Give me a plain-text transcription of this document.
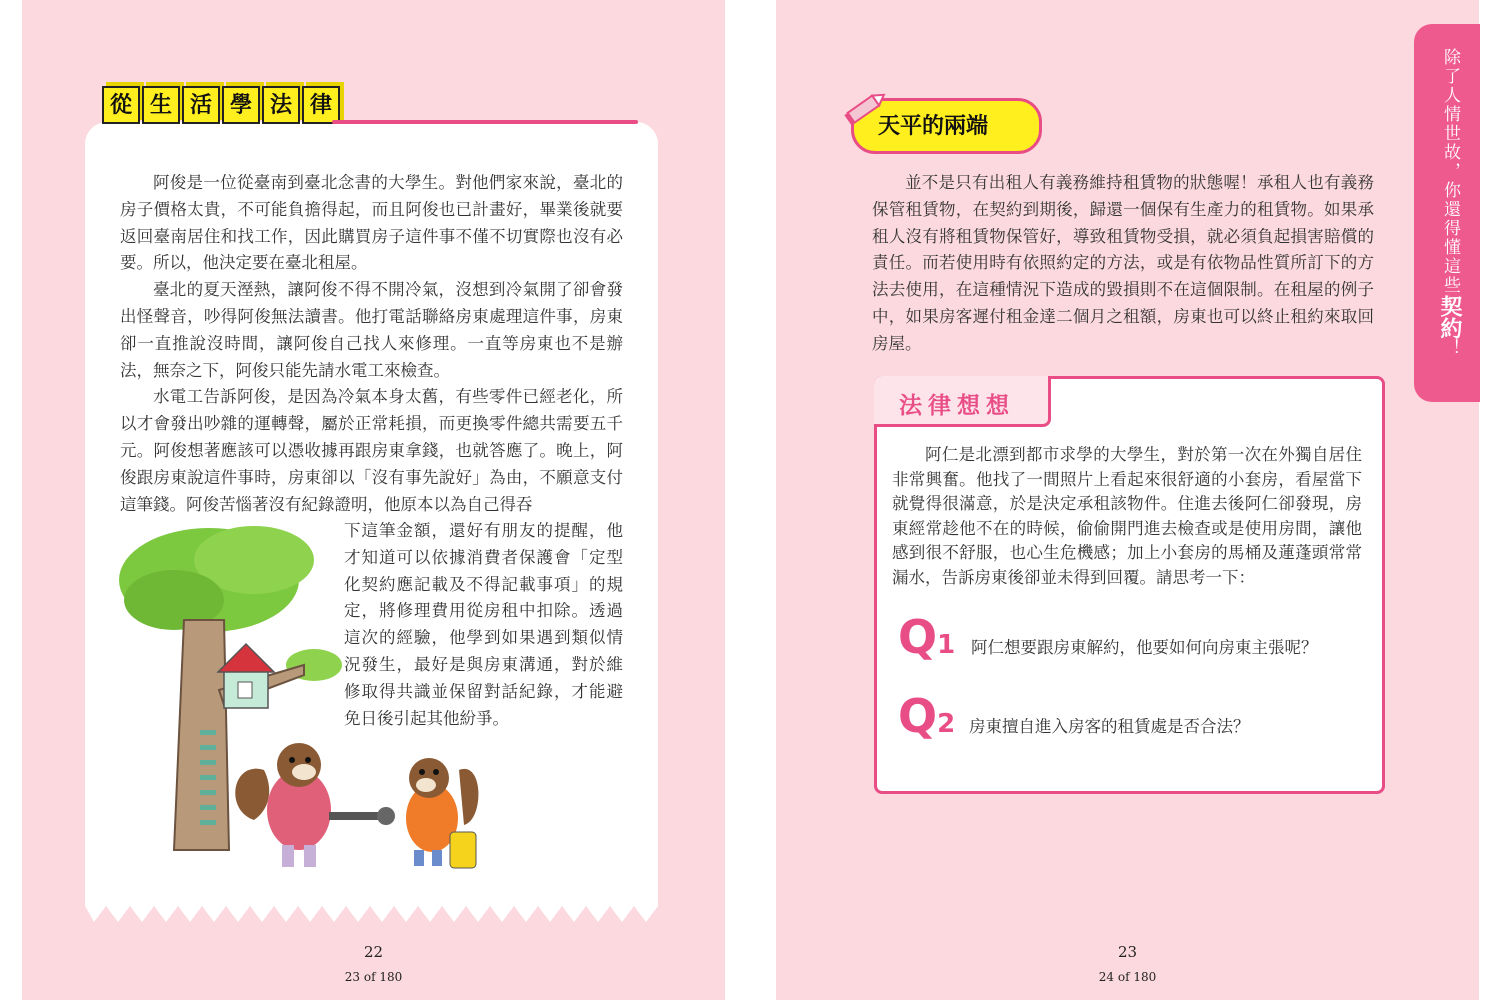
從 生 活 學 法 律

阿俊是一位從臺南到臺北念書的大學生。對他們家來說，臺北的房子價格太貴，不可能負擔得起，而且阿俊也已計畫好，畢業後就要返回臺南居住和找工作，因此購買房子這件事不僅不切實際也沒有必要。所以，他決定要在臺北租屋。

臺北的夏天溼熱，讓阿俊不得不開冷氣，沒想到冷氣開了卻會發出怪聲音，吵得阿俊無法讀書。他打電話聯絡房東處理這件事，房東卻一直推說沒時間，讓阿俊自己找人來修理。一直等房東也不是辦法，無奈之下，阿俊只能先請水電工來檢查。

水電工告訴阿俊，是因為冷氣本身太舊，有些零件已經老化，所以才會發出吵雜的運轉聲，屬於正常耗損，而更換零件總共需要五千元。阿俊想著應該可以憑收據再跟房東拿錢，也就答應了。晚上，阿俊跟房東說這件事時，房東卻以「沒有事先說好」為由，不願意支付這筆錢。阿俊苦惱著沒有紀錄證明，他原本以為自己得吞

下這筆金額，還好有朋友的提醒，他才知道可以依據消費者保護會「定型化契約應記載及不得記載事項」的規定，將修理費用從房租中扣除。透過這次的經驗，他學到如果遇到類似情況發生，最好是與房東溝通，對於維修取得共識並保留對話紀錄，才能避免日後引起其他紛爭。
22
23 of 180
天平的兩端

並不是只有出租人有義務維持租賃物的狀態喔！承租人也有義務保管租賃物，在契約到期後，歸還一個保有生產力的租賃物。如果承租人沒有將租賃物保管好，導致租賃物受損，就必須負起損害賠償的責任。而若使用時有依照約定的方法，或是有依物品性質所訂下的方法去使用，在這種情況下造成的毀損則不在這個限制。在租屋的例子中，如果房客遲付租金達二個月之租額，房東也可以終止租約來取回房屋。

法律想想

阿仁是北漂到都市求學的大學生，對於第一次在外獨自居住非常興奮。他找了一間照片上看起來很舒適的小套房，看屋當下就覺得很滿意，於是決定承租該物件。住進去後阿仁卻發現，房東經常趁他不在的時候，偷偷開門進去檢查或是使用房間，讓他感到很不舒服，也心生危機感；加上小套房的馬桶及蓮蓬頭常常漏水，告訴房東後卻並未得到回覆。請思考一下：

Q1 阿仁想要跟房東解約，他要如何向房東主張呢？
Q2 房東擅自進入房客的租賃處是否合法？
23
24 of 180
除了人情世故，你還得懂這些契約！
